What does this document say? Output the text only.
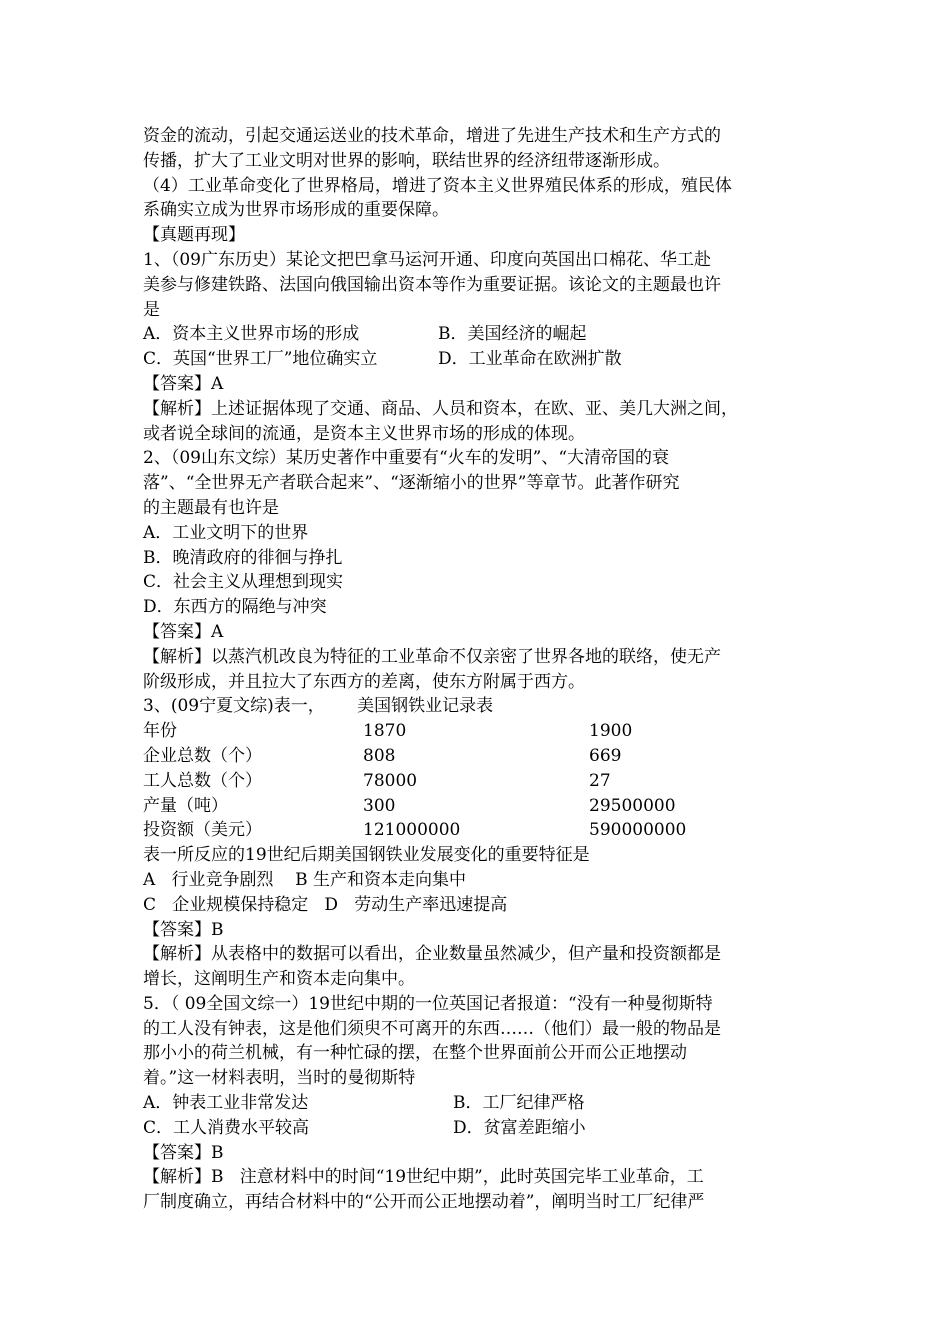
资金的流动，引起交通运送业的技术革命，增进了先进生产技术和生产方式的
传播，扩大了工业文明对世界的影响，联结世界的经济纽带逐渐形成。
（4）工业革命变化了世界格局，增进了资本主义世界殖民体系的形成，殖民体
系确实立成为世界市场形成的重要保障。
【真题再现】
1、（09广东历史）某论文把巴拿马运河开通、印度向英国出口棉花、华工赴
美参与修建铁路、法国向俄国输出资本等作为重要证据。该论文的主题最也许
是
A．资本主义世界市场的形成	B．美国经济的崛起
C．英国“世界工厂”地位确实立	D．工业革命在欧洲扩散
【答案】A
【解析】上述证据体现了交通、商品、人员和资本，在欧、亚、美几大洲之间，
或者说全球间的流通，是资本主义世界市场的形成的体现。
2、（09山东文综）某历史著作中重要有“火车的发明”、“大清帝国的衰
落”、“全世界无产者联合起来”、“逐渐缩小的世界”等章节。此著作研究
的主题最有也许是
A．工业文明下的世界
B．晚清政府的徘徊与挣扎
C．社会主义从理想到现实
D．东西方的隔绝与冲突
【答案】A
【解析】以蒸汽机改良为特征的工业革命不仅亲密了世界各地的联络，使无产
阶级形成，并且拉大了东西方的差离，使东方附属于西方。
3、(09宁夏文综)表一，      美国钢铁业记录表
年份	1870	1900
企业总数（个）	808	669
工人总数（个）	78000	27
产量（吨）	300	29500000
投资额（美元）	121000000	590000000
表一所反应的19世纪后期美国钢铁业发展变化的重要特征是
A   行业竞争剧烈    B 生产和资本走向集中
C   企业规模保持稳定   D   劳动生产率迅速提高
【答案】B
【解析】从表格中的数据可以看出，企业数量虽然减少，但产量和投资额都是
增长，这阐明生产和资本走向集中。
5．（ 09全国文综一）19世纪中期的一位英国记者报道：“没有一种曼彻斯特
的工人没有钟表，这是他们须臾不可离开的东西……（他们）最一般的物品是
那小小的荷兰机械，有一种忙碌的摆，在整个世界面前公开而公正地摆动
着。”这一材料表明，当时的曼彻斯特
A．钟表工业非常发达	B．工厂纪律严格
C．工人消费水平较高	D．贫富差距缩小
【答案】B
【解析】B   注意材料中的时间“19世纪中期”，此时英国完毕工业革命，工
厂制度确立，再结合材料中的“公开而公正地摆动着”，阐明当时工厂纪律严
